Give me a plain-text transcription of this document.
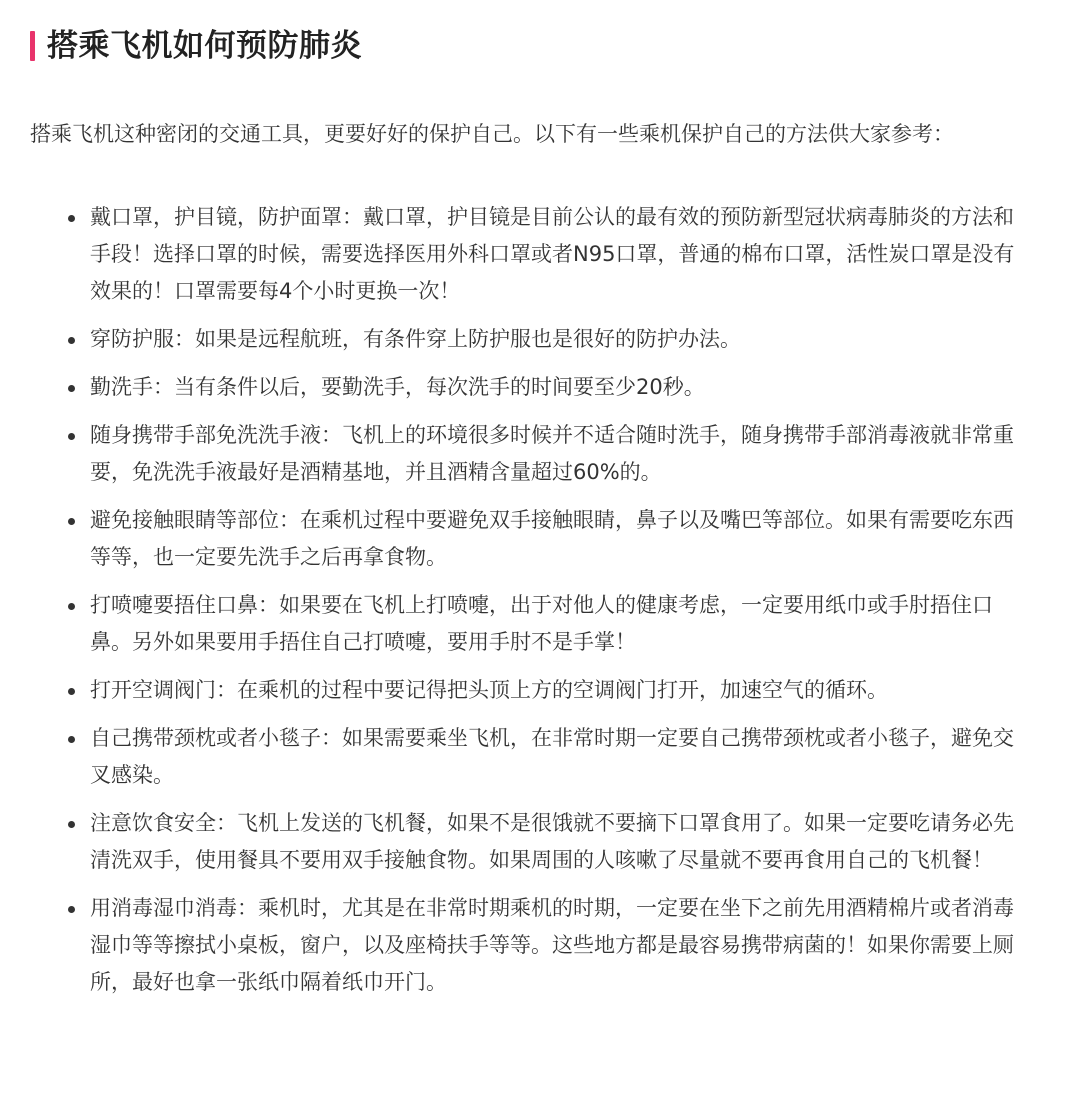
搭乘飞机如何预防肺炎

搭乘飞机这种密闭的交通工具，更要好好的保护自己。以下有一些乘机保护自己的方法供大家参考：

戴口罩，护目镜，防护面罩：戴口罩，护目镜是目前公认的最有效的预防新型冠状病毒肺炎的方法和手段！选择口罩的时候，需要选择医用外科口罩或者N95口罩，普通的棉布口罩，活性炭口罩是没有效果的！口罩需要每4个小时更换一次！
穿防护服：如果是远程航班，有条件穿上防护服也是很好的防护办法。
勤洗手：当有条件以后，要勤洗手，每次洗手的时间要至少20秒。
随身携带手部免洗洗手液：飞机上的环境很多时候并不适合随时洗手，随身携带手部消毒液就非常重要，免洗洗手液最好是酒精基地，并且酒精含量超过60%的。
避免接触眼睛等部位：在乘机过程中要避免双手接触眼睛，鼻子以及嘴巴等部位。如果有需要吃东西等等，也一定要先洗手之后再拿食物。
打喷嚏要捂住口鼻：如果要在飞机上打喷嚏，出于对他人的健康考虑，一定要用纸巾或手肘捂住口鼻。另外如果要用手捂住自己打喷嚏，要用手肘不是手掌！
打开空调阀门：在乘机的过程中要记得把头顶上方的空调阀门打开，加速空气的循环。
自己携带颈枕或者小毯子：如果需要乘坐飞机，在非常时期一定要自己携带颈枕或者小毯子，避免交叉感染。
注意饮食安全：飞机上发送的飞机餐，如果不是很饿就不要摘下口罩食用了。如果一定要吃请务必先清洗双手，使用餐具不要用双手接触食物。如果周围的人咳嗽了尽量就不要再食用自己的飞机餐！
用消毒湿巾消毒：乘机时，尤其是在非常时期乘机的时期，一定要在坐下之前先用酒精棉片或者消毒湿巾等等擦拭小桌板，窗户，以及座椅扶手等等。这些地方都是最容易携带病菌的！如果你需要上厕所，最好也拿一张纸巾隔着纸巾开门。
